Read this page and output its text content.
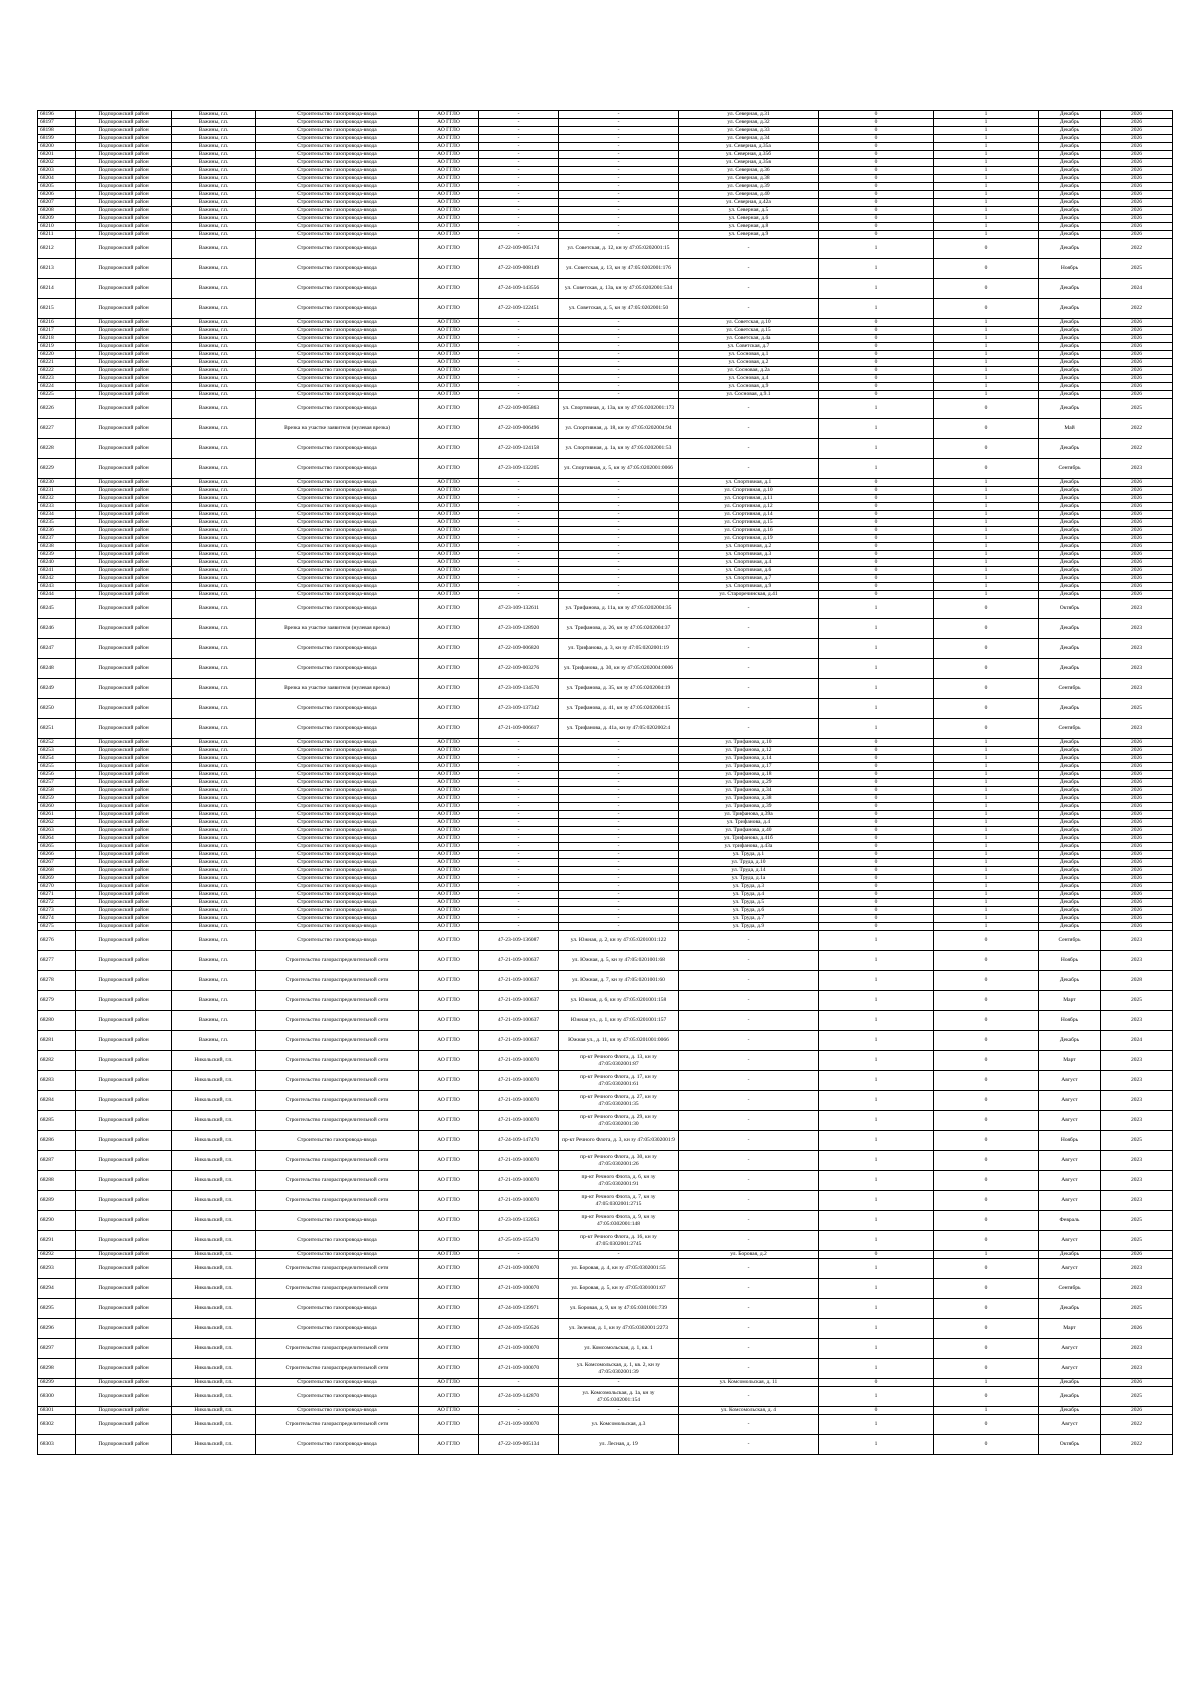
68196	Подпорожский район	Важины, г.п.	Строительство газопровода-ввода	АО ГГЛО	-	-	ул. Северная, д.31	0	1	Декабрь	2026
68197	Подпорожский район	Важины, г.п.	Строительство газопровода-ввода	АО ГГЛО	-	-	ул. Северная, д.32	0	1	Декабрь	2026
68198	Подпорожский район	Важины, г.п.	Строительство газопровода-ввода	АО ГГЛО	-	-	ул. Северная, д.33	0	1	Декабрь	2026
68199	Подпорожский район	Важины, г.п.	Строительство газопровода-ввода	АО ГГЛО	-	-	ул. Северная, д.34	0	1	Декабрь	2026
68200	Подпорожский район	Важины, г.п.	Строительство газопровода-ввода	АО ГГЛО	-	-	ул. Северная, д.35а	0	1	Декабрь	2026
68201	Подпорожский район	Важины, г.п.	Строительство газопровода-ввода	АО ГГЛО	-	-	ул. Северная, д.35б	0	1	Декабрь	2026
68202	Подпорожский район	Важины, г.п.	Строительство газопровода-ввода	АО ГГЛО	-	-	ул. Северная, д.35в	0	1	Декабрь	2026
68203	Подпорожский район	Важины, г.п.	Строительство газопровода-ввода	АО ГГЛО	-	-	ул. Северная, д.36	0	1	Декабрь	2026
68204	Подпорожский район	Важины, г.п.	Строительство газопровода-ввода	АО ГГЛО	-	-	ул. Северная, д.38	0	1	Декабрь	2026
68205	Подпорожский район	Важины, г.п.	Строительство газопровода-ввода	АО ГГЛО	-	-	ул. Северная, д.39	0	1	Декабрь	2026
68206	Подпорожский район	Важины, г.п.	Строительство газопровода-ввода	АО ГГЛО	-	-	ул. Северная, д.40	0	1	Декабрь	2026
68207	Подпорожский район	Важины, г.п.	Строительство газопровода-ввода	АО ГГЛО	-	-	ул. Северная, д.42а	0	1	Декабрь	2026
68208	Подпорожский район	Важины, г.п.	Строительство газопровода-ввода	АО ГГЛО	-	-	ул. Северная, д.5	0	1	Декабрь	2026
68209	Подпорожский район	Важины, г.п.	Строительство газопровода-ввода	АО ГГЛО	-	-	ул. Северная, д.6	0	1	Декабрь	2026
68210	Подпорожский район	Важины, г.п.	Строительство газопровода-ввода	АО ГГЛО	-	-	ул. Северная, д.8	0	1	Декабрь	2026
68211	Подпорожский район	Важины, г.п.	Строительство газопровода-ввода	АО ГГЛО	-	-	ул. Северная, д.9	0	1	Декабрь	2026
68212	Подпорожский район	Важины, г.п.	Строительство газопровода-ввода	АО ГГЛО	47-22-109-005174	ул. Советская, д. 12, кн зу 47:05:0202001:15	-	1	0	Декабрь	2022
68213	Подпорожский район	Важины, г.п.	Строительство газопровода-ввода	АО ГГЛО	47-22-109-008149	ул. Советская, д. 13, кн зу 47:05:0202001:176	-	1	0	Ноябрь	2025
68214	Подпорожский район	Важины, г.п.	Строительство газопровода-ввода	АО ГГЛО	47-24-109-143556	ул. Советская, д. 13а, кн зу 47:05:0202001:534	-	1	0	Декабрь	2024
68215	Подпорожский район	Важины, г.п.	Строительство газопровода-ввода	АО ГГЛО	47-22-109-122451	ул. Советская, д. 5, кн зу 47:05:0202001:50	-	1	0	Декабрь	2022
68216	Подпорожский район	Важины, г.п.	Строительство газопровода-ввода	АО ГГЛО	-	-	ул. Советская, д.10	0	1	Декабрь	2026
68217	Подпорожский район	Важины, г.п.	Строительство газопровода-ввода	АО ГГЛО	-	-	ул. Советская, д.15	0	1	Декабрь	2026
68218	Подпорожский район	Важины, г.п.	Строительство газопровода-ввода	АО ГГЛО	-	-	ул. Советская, д.4а	0	1	Декабрь	2026
68219	Подпорожский район	Важины, г.п.	Строительство газопровода-ввода	АО ГГЛО	-	-	ул. Советская, д.7	0	1	Декабрь	2026
68220	Подпорожский район	Важины, г.п.	Строительство газопровода-ввода	АО ГГЛО	-	-	ул. Сосновая, д.1	0	1	Декабрь	2026
68221	Подпорожский район	Важины, г.п.	Строительство газопровода-ввода	АО ГГЛО	-	-	ул. Сосновая, д.2	0	1	Декабрь	2026
68222	Подпорожский район	Важины, г.п.	Строительство газопровода-ввода	АО ГГЛО	-	-	ул. Сосновая, д.2а	0	1	Декабрь	2026
68223	Подпорожский район	Важины, г.п.	Строительство газопровода-ввода	АО ГГЛО	-	-	ул. Сосновая, д.4	0	1	Декабрь	2026
68224	Подпорожский район	Важины, г.п.	Строительство газопровода-ввода	АО ГГЛО	-	-	ул. Сосновая, д.9	0	1	Декабрь	2026
68225	Подпорожский район	Важины, г.п.	Строительство газопровода-ввода	АО ГГЛО	-	-	ул. Сосновая, д.9.1	0	1	Декабрь	2026
68226	Подпорожский район	Важины, г.п.	Строительство газопровода-ввода	АО ГГЛО	47-22-109-005863	ул. Спортивная, д. 13а, кн зу 47:05:0202001:173	-	1	0	Декабрь	2025
68227	Подпорожский район	Важины, г.п.	Врезка на участке заявителя (нулевая врезка)	АО ГГЛО	47-22-109-006496	ул. Спортивная, д. 18, кн зу 47:05:0202004:94	-	1	0	Май	2022
68228	Подпорожский район	Важины, г.п.	Строительство газопровода-ввода	АО ГГЛО	47-22-109-124158	ул. Спортивная, д. 1а, кн зу 47:05:0202001:53	-	1	0	Декабрь	2022
68229	Подпорожский район	Важины, г.п.	Строительство газопровода-ввода	АО ГГЛО	47-23-109-132205	ул. Спортивная, д. 5, кн зу 47:05:0202001:0066	-	1	0	Сентябрь	2023
68230	Подпорожский район	Важины, г.п.	Строительство газопровода-ввода	АО ГГЛО	-	-	ул. Спортивная, д.1	0	1	Декабрь	2026
68231	Подпорожский район	Важины, г.п.	Строительство газопровода-ввода	АО ГГЛО	-	-	ул. Спортивная, д.10	0	1	Декабрь	2026
68232	Подпорожский район	Важины, г.п.	Строительство газопровода-ввода	АО ГГЛО	-	-	ул. Спортивная, д.11	0	1	Декабрь	2026
68233	Подпорожский район	Важины, г.п.	Строительство газопровода-ввода	АО ГГЛО	-	-	ул. Спортивная, д.12	0	1	Декабрь	2026
68234	Подпорожский район	Важины, г.п.	Строительство газопровода-ввода	АО ГГЛО	-	-	ул. Спортивная, д.14	0	1	Декабрь	2026
68235	Подпорожский район	Важины, г.п.	Строительство газопровода-ввода	АО ГГЛО	-	-	ул. Спортивная, д.15	0	1	Декабрь	2026
68236	Подпорожский район	Важины, г.п.	Строительство газопровода-ввода	АО ГГЛО	-	-	ул. Спортивная, д.16	0	1	Декабрь	2026
68237	Подпорожский район	Важины, г.п.	Строительство газопровода-ввода	АО ГГЛО	-	-	ул. Спортивная, д.19	0	1	Декабрь	2026
68238	Подпорожский район	Важины, г.п.	Строительство газопровода-ввода	АО ГГЛО	-	-	ул. Спортивная, д.2	0	1	Декабрь	2026
68239	Подпорожский район	Важины, г.п.	Строительство газопровода-ввода	АО ГГЛО	-	-	ул. Спортивная, д.3	0	1	Декабрь	2026
68240	Подпорожский район	Важины, г.п.	Строительство газопровода-ввода	АО ГГЛО	-	-	ул. Спортивная, д.4	0	1	Декабрь	2026
68241	Подпорожский район	Важины, г.п.	Строительство газопровода-ввода	АО ГГЛО	-	-	ул. Спортивная, д.6	0	1	Декабрь	2026
68242	Подпорожский район	Важины, г.п.	Строительство газопровода-ввода	АО ГГЛО	-	-	ул. Спортивная, д.7	0	1	Декабрь	2026
68243	Подпорожский район	Важины, г.п.	Строительство газопровода-ввода	АО ГГЛО	-	-	ул. Спортивная, д.9	0	1	Декабрь	2026
68244	Подпорожский район	Важины, г.п.	Строительство газопровода-ввода	АО ГГЛО	-	-	ул. Староречинская, д.41	0	1	Декабрь	2026
68245	Подпорожский район	Важины, г.п.	Строительство газопровода-ввода	АО ГГЛО	47-23-109-132611	ул. Трифанова, д. 11а, кн зу 47:05:0202004:35	-	1	0	Октябрь	2023
68246	Подпорожский район	Важины, г.п.	Врезка на участке заявителя (нулевая врезка)	АО ГГЛО	47-23-109-128920	ул. Трифанова, д. 26, кн зу 47:05:0202004:37	-	1	0	Декабрь	2023
68247	Подпорожский район	Важины, г.п.	Строительство газопровода-ввода	АО ГГЛО	47-22-109-006820	ул. Трифанова, д. 3, кн зу 47:05:0202001:19	-	1	0	Декабрь	2023
68248	Подпорожский район	Важины, г.п.	Строительство газопровода-ввода	АО ГГЛО	47-22-109-003276	ул. Трифанова, д. 30, кн зу 47:05:0202004:0006	-	1	0	Декабрь	2023
68249	Подпорожский район	Важины, г.п.	Врезка на участке заявителя (нулевая врезка)	АО ГГЛО	47-23-109-134570	ул. Трифанова, д. 35, кн зу 47:05:0202004:19	-	1	0	Сентябрь	2023
68250	Подпорожский район	Важины, г.п.	Строительство газопровода-ввода	АО ГГЛО	47-23-109-137342	ул. Трифанова, д. 41, кн зу 47:05:0202004:15	-	1	0	Декабрь	2025
68251	Подпорожский район	Важины, г.п.	Строительство газопровода-ввода	АО ГГЛО	47-21-109-006617	ул. Трифанова, д. 41а, кн зу 47:05:0202002:4	-	1	0	Сентябрь	2023
68252	Подпорожский район	Важины, г.п.	Строительство газопровода-ввода	АО ГГЛО	-	-	ул. Трифанова, д.10	0	1	Декабрь	2026
68253	Подпорожский район	Важины, г.п.	Строительство газопровода-ввода	АО ГГЛО	-	-	ул. Трифанова, д.12	0	1	Декабрь	2026
68254	Подпорожский район	Важины, г.п.	Строительство газопровода-ввода	АО ГГЛО	-	-	ул. Трифанова, д.14	0	1	Декабрь	2026
68255	Подпорожский район	Важины, г.п.	Строительство газопровода-ввода	АО ГГЛО	-	-	ул. Трифанова, д.17	0	1	Декабрь	2026
68256	Подпорожский район	Важины, г.п.	Строительство газопровода-ввода	АО ГГЛО	-	-	ул. Трифанова, д.18	0	1	Декабрь	2026
68257	Подпорожский район	Важины, г.п.	Строительство газопровода-ввода	АО ГГЛО	-	-	ул. Трифанова, д.29	0	1	Декабрь	2026
68258	Подпорожский район	Важины, г.п.	Строительство газопровода-ввода	АО ГГЛО	-	-	ул. Трифанова, д.34	0	1	Декабрь	2026
68259	Подпорожский район	Важины, г.п.	Строительство газопровода-ввода	АО ГГЛО	-	-	ул. Трифанова, д.38	0	1	Декабрь	2026
68260	Подпорожский район	Важины, г.п.	Строительство газопровода-ввода	АО ГГЛО	-	-	ул. Трифанова, д.39	0	1	Декабрь	2026
68261	Подпорожский район	Важины, г.п.	Строительство газопровода-ввода	АО ГГЛО	-	-	ул. Трифанова, д.39а	0	1	Декабрь	2026
68262	Подпорожский район	Важины, г.п.	Строительство газопровода-ввода	АО ГГЛО	-	-	ул. Трифанова, д.4	0	1	Декабрь	2026
68263	Подпорожский район	Важины, г.п.	Строительство газопровода-ввода	АО ГГЛО	-	-	ул. Трифанова, д.40	0	1	Декабрь	2026
68264	Подпорожский район	Важины, г.п.	Строительство газопровода-ввода	АО ГГЛО	-	-	ул. Трифанова, д.41б	0	1	Декабрь	2026
68265	Подпорожский район	Важины, г.п.	Строительство газопровода-ввода	АО ГГЛО	-	-	ул. трифанова, д.43а	0	1	Декабрь	2026
68266	Подпорожский район	Важины, г.п.	Строительство газопровода-ввода	АО ГГЛО	-	-	ул. Труда, д.1	0	1	Декабрь	2026
68267	Подпорожский район	Важины, г.п.	Строительство газопровода-ввода	АО ГГЛО	-	-	ул. Труда, д.10	0	1	Декабрь	2026
68268	Подпорожский район	Важины, г.п.	Строительство газопровода-ввода	АО ГГЛО	-	-	ул. Труда, д.14	0	1	Декабрь	2026
68269	Подпорожский район	Важины, г.п.	Строительство газопровода-ввода	АО ГГЛО	-	-	ул. Труда, д.1а	0	1	Декабрь	2026
68270	Подпорожский район	Важины, г.п.	Строительство газопровода-ввода	АО ГГЛО	-	-	ул. Труда, д.3	0	1	Декабрь	2026
68271	Подпорожский район	Важины, г.п.	Строительство газопровода-ввода	АО ГГЛО	-	-	ул. Труда, д.4	0	1	Декабрь	2026
68272	Подпорожский район	Важины, г.п.	Строительство газопровода-ввода	АО ГГЛО	-	-	ул. Труда, д.5	0	1	Декабрь	2026
68273	Подпорожский район	Важины, г.п.	Строительство газопровода-ввода	АО ГГЛО	-	-	ул. Труда, д.6	0	1	Декабрь	2026
68274	Подпорожский район	Важины, г.п.	Строительство газопровода-ввода	АО ГГЛО	-	-	ул. Труда, д.7	0	1	Декабрь	2026
68275	Подпорожский район	Важины, г.п.	Строительство газопровода-ввода	АО ГГЛО	-	-	ул. Труда, д.9	0	1	Декабрь	2026
68276	Подпорожский район	Важины, г.п.	Строительство газопровода-ввода	АО ГГЛО	47-23-109-136087	ул. Южная, д. 2, кн зу 47:05:0201001:122	-	1	0	Сентябрь	2023
68277	Подпорожский район	Важины, г.п.	Строительство газораспределительной сети	АО ГГЛО	47-21-109-100637	ул. Южная, д. 5, кн зу 47:05:0201001:68	-	1	0	Ноябрь	2023
68278	Подпорожский район	Важины, г.п.	Строительство газораспределительной сети	АО ГГЛО	47-21-109-100637	ул. Южная, д. 7, кн зу 47:05:0201001:60	-	1	0	Декабрь	2028
68279	Подпорожский район	Важины, г.п.	Строительство газораспределительной сети	АО ГГЛО	47-21-109-100637	ул. Южная, д. 6, кн зу 47:05:0201001:158	-	1	0	Март	2025
68280	Подпорожский район	Важины, г.п.	Строительство газораспределительной сети	АО ГГЛО	47-21-109-100637	Южная ул., д. 1, кн зу 47:05:0201001:157	-	1	0	Ноябрь	2023
68281	Подпорожский район	Важины, г.п.	Строительство газораспределительной сети	АО ГГЛО	47-21-109-100637	Южная ул., д. 11, кн зу 47:05:0201001:0066	-	1	0	Декабрь	2024
68282	Подпорожский район	Никольский, г.п.	Строительство газораспределительной сети	АО ГГЛО	47-21-109-100070	пр-кт Речного Флота, д. 13, кн зу 47:05:0302001:87	-	1	0	Март	2023
68283	Подпорожский район	Никольский, г.п.	Строительство газораспределительной сети	АО ГГЛО	47-21-109-100070	пр-кт Речного Флота, д. 17, кн зу 47:05:0302001:61	-	1	0	Август	2023
68284	Подпорожский район	Никольский, г.п.	Строительство газораспределительной сети	АО ГГЛО	47-21-109-100070	пр-кт Речного Флота, д. 27, кн зу 47:05:0302001:35	-	1	0	Август	2023
68285	Подпорожский район	Никольский, г.п.	Строительство газораспределительной сети	АО ГГЛО	47-21-109-100070	пр-кт Речного Флота, д. 29, кн зу 47:05:0302001:30	-	1	0	Август	2023
68286	Подпорожский район	Никольский, г.п.	Строительство газопровода-ввода	АО ГГЛО	47-24-109-147470	пр-кт Речного Флота, д. 3, кн зу 47:05:0302001:9	-	1	0	Ноябрь	2025
68287	Подпорожский район	Никольский, г.п.	Строительство газораспределительной сети	АО ГГЛО	47-21-109-100070	пр-кт Речного Флота, д. 30, кн зу 47:05:0302001:26	-	1	0	Август	2023
68288	Подпорожский район	Никольский, г.п.	Строительство газораспределительной сети	АО ГГЛО	47-21-109-100070	пр-кт Речного Флота, д. 6, кн зу 47:05:0302001:91	-	1	0	Август	2023
68289	Подпорожский район	Никольский, г.п.	Строительство газораспределительной сети	АО ГГЛО	47-21-109-100070	пр-кт Речного Флота, д. 7, кн зу 47:05:0302001:2715	-	1	0	Август	2023
68290	Подпорожский район	Никольский, г.п.	Строительство газопровода-ввода	АО ГГЛО	47-23-109-132053	пр-кт Речного Флота, д. 9, кн зу 47:05:0302001:148	-	1	0	Февраль	2025
68291	Подпорожский район	Никольский, г.п.	Строительство газопровода-ввода	АО ГГЛО	47-25-109-155470	пр-кт Речного Флота, д. 16, кн зу 47:05:0302001:2745	-	1	0	Август	2025
68292	Подпорожский район	Никольский, г.п.	Строительство газопровода-ввода	АО ГГЛО	-	-	ул. Боровая, д.2	0	1	Декабрь	2026
68293	Подпорожский район	Никольский, г.п.	Строительство газораспределительной сети	АО ГГЛО	47-21-109-100070	ул. Боровая, д. 4, кн зу 47:05:0302001:55	-	1	0	Август	2023
68294	Подпорожский район	Никольский, г.п.	Строительство газораспределительной сети	АО ГГЛО	47-21-109-100070	ул. Боровая, д. 5, кн зу 47:05:0301001:67	-	1	0	Сентябрь	2023
68295	Подпорожский район	Никольский, г.п.	Строительство газопровода-ввода	АО ГГЛО	47-24-109-139971	ул. Боровая, д. 9, кн зу 47:05:0301001:739	-	1	0	Декабрь	2025
68296	Подпорожский район	Никольский, г.п.	Строительство газопровода-ввода	АО ГГЛО	47-24-109-150526	ул. Зеленая, д. 1, кн зу 47:05:0302001:2273	-	1	0	Март	2026
68297	Подпорожский район	Никольский, г.п.	Строительство газораспределительной сети	АО ГГЛО	47-21-109-100070	ул. Комсомольская, д. 1, кв. 1	-	1	0	Август	2023
68298	Подпорожский район	Никольский, г.п.	Строительство газораспределительной сети	АО ГГЛО	47-21-109-100070	ул. Комсомольская, д. 1, кв. 2, кн зу 47:05:0302001:39	-	1	0	Август	2023
68299	Подпорожский район	Никольский, г.п.	Строительство газопровода-ввода	АО ГГЛО	-	-	ул. Комсомольская, д. 11	0	1	Декабрь	2026
68300	Подпорожский район	Никольский, г.п.	Строительство газопровода-ввода	АО ГГЛО	47-24-109-142870	ул. Комсомольская, д. 1а, кн зу 47:05:0302001:154	-	1	0	Декабрь	2025
68301	Подпорожский район	Никольский, г.п.	Строительство газопровода-ввода	АО ГГЛО	-	-	ул. Комсомольская, д. 4	0	1	Декабрь	2026
68302	Подпорожский район	Никольский, г.п.	Строительство газораспределительной сети	АО ГГЛО	47-21-109-100070	ул. Комсомольская, д.3	-	1	0	Август	2022
68303	Подпорожский район	Никольский, г.п.	Строительство газопровода-ввода	АО ГГЛО	47-22-109-005134	ул. Лесная, д. 19	-	1	0	Октябрь	2022
